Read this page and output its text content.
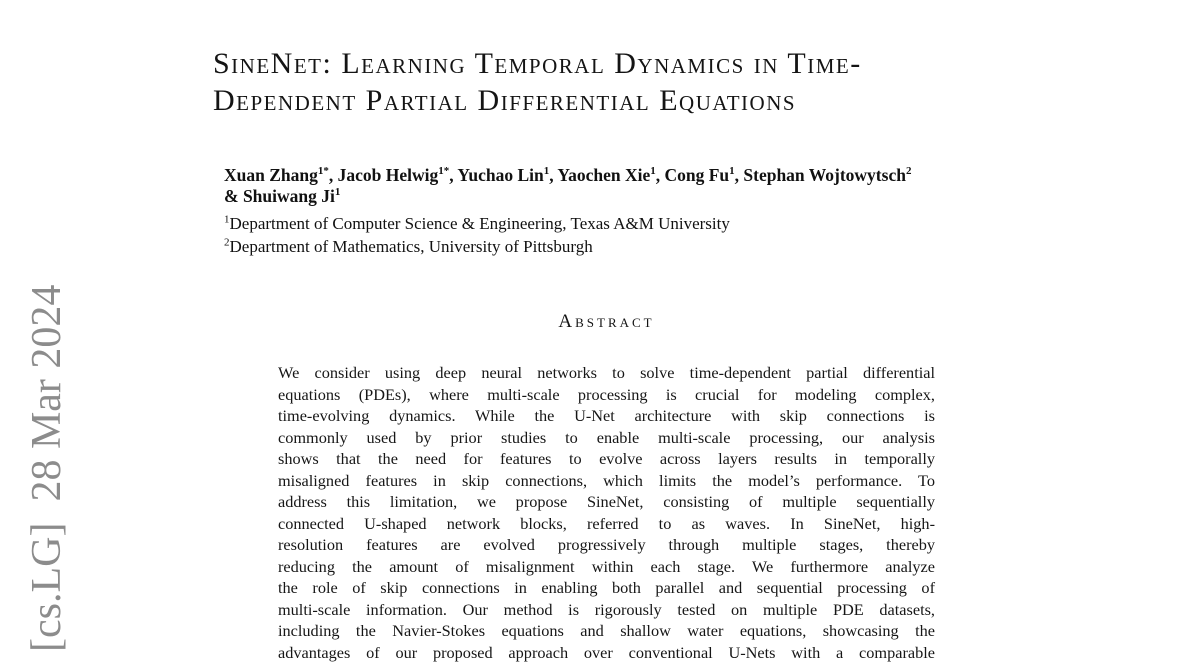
[cs.LG]  28 Mar 2024
SineNet: Learning Temporal Dynamics in Time-
Dependent Partial Differential Equations
Xuan Zhang$^{1*}$, Jacob Helwig$^{1*}$, Yuchao Lin$^1$, Yaochen Xie$^1$, Cong Fu$^1$, Stephan Wojtowytsch$^2$
& Shuiwang Ji$^1$
$^1$Department of Computer Science & Engineering, Texas A&M University
$^2$Department of Mathematics, University of Pittsburgh
Abstract
We consider using deep neural networks to solve time-dependent partial differential
equations (PDEs), where multi-scale processing is crucial for modeling complex,
time-evolving dynamics. While the U-Net architecture with skip connections is
commonly used by prior studies to enable multi-scale processing, our analysis
shows that the need for features to evolve across layers results in temporally
misaligned features in skip connections, which limits the model’s performance. To
address this limitation, we propose SineNet, consisting of multiple sequentially
connected U-shaped network blocks, referred to as waves. In SineNet, high-
resolution features are evolved progressively through multiple stages, thereby
reducing the amount of misalignment within each stage. We furthermore analyze
the role of skip connections in enabling both parallel and sequential processing of
multi-scale information. Our method is rigorously tested on multiple PDE datasets,
including the Navier-Stokes equations and shallow water equations, showcasing the
advantages of our proposed approach over conventional U-Nets with a comparable
